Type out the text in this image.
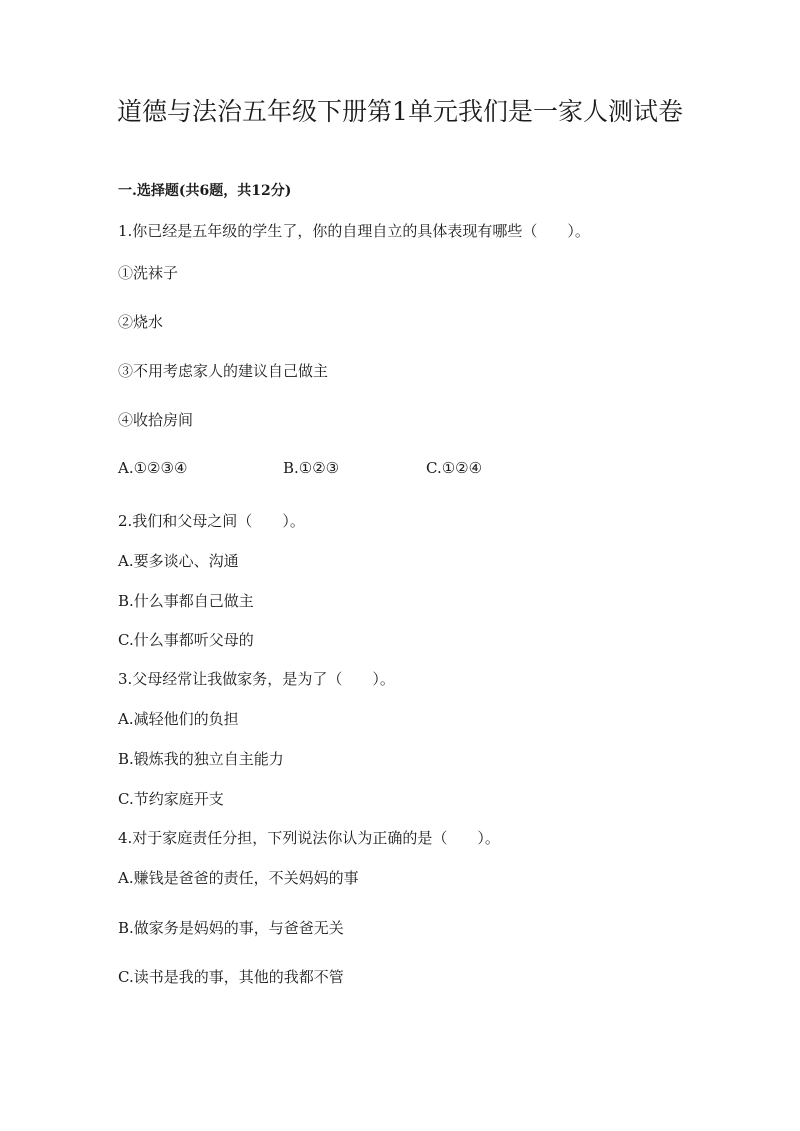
道德与法治五年级下册第1单元我们是一家人测试卷
一.选择题(共6题，共12分)
1.你已经是五年级的学生了，你的自理自立的具体表现有哪些（　　）。
①洗袜子
②烧水
③不用考虑家人的建议自己做主
④收拾房间
A.①②③④	B.①②③	C.①②④
2.我们和父母之间（　　）。
A.要多谈心、沟通
B.什么事都自己做主
C.什么事都听父母的
3.父母经常让我做家务，是为了（　　）。
A.减轻他们的负担
B.锻炼我的独立自主能力
C.节约家庭开支
4.对于家庭责任分担，下列说法你认为正确的是（　　）。
A.赚钱是爸爸的责任，不关妈妈的事
B.做家务是妈妈的事，与爸爸无关
C.读书是我的事，其他的我都不管
